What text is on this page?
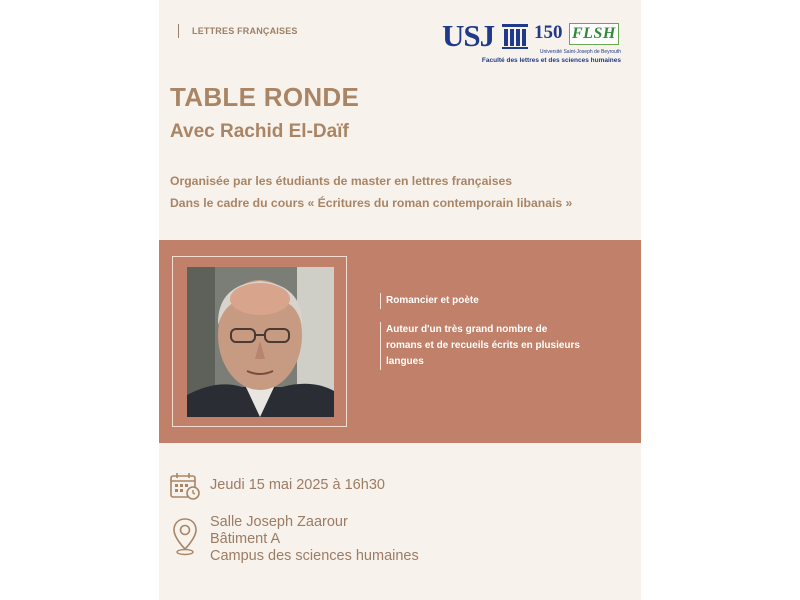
LETTRES FRANÇAISES	USJ 150 FLSH
Université Saint-Joseph de Beyrouth
Faculté des lettres et des sciences humaines
TABLE RONDE
Avec Rachid El-Daïf
Organisée par les étudiants de master en lettres françaises
Dans le cadre du cours « Écritures du roman contemporain libanais »
Romancier et poète
Auteur d'un très grand nombre de romans et de recueils écrits en plusieurs langues
Jeudi 15 mai 2025 à 16h30
Salle Joseph Zaarour
Bâtiment A
Campus des sciences humaines
